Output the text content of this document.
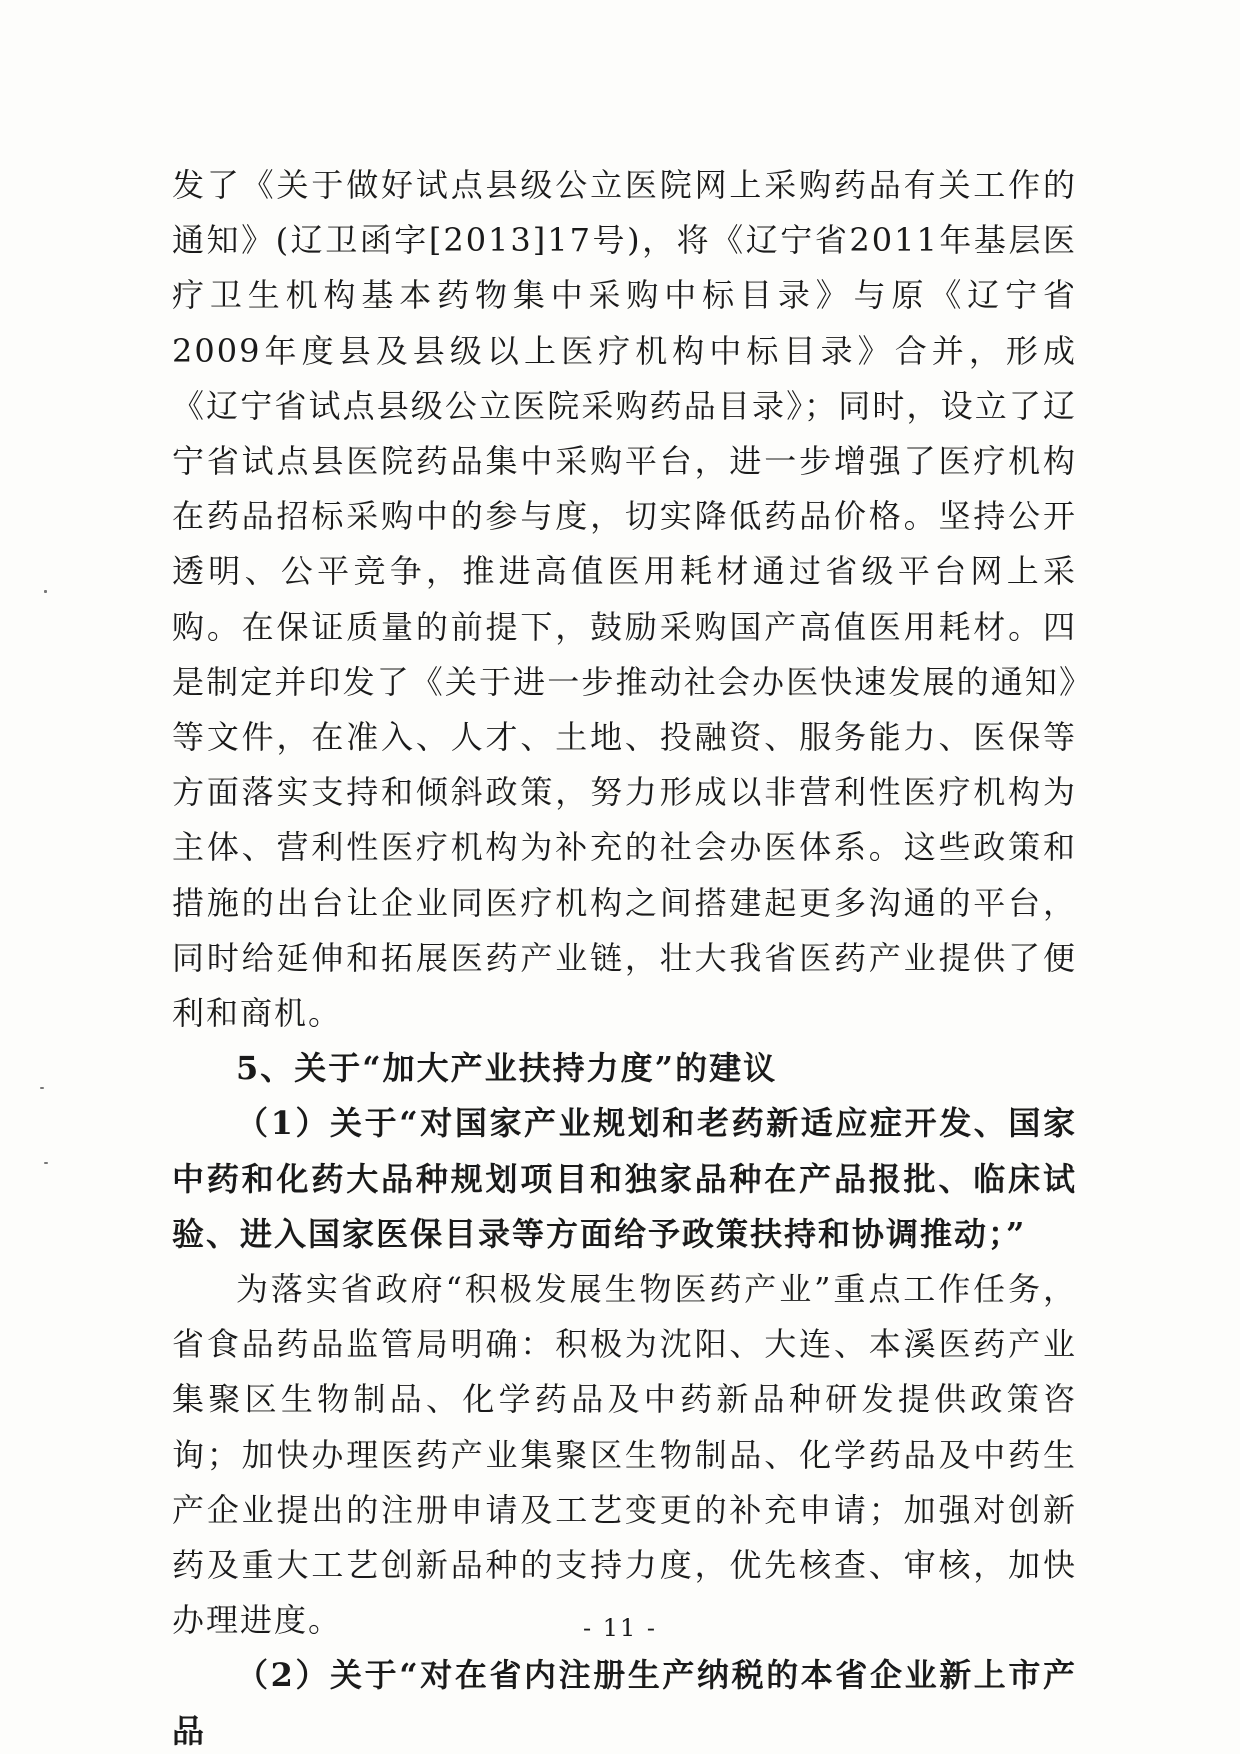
发了《关于做好试点县级公立医院网上采购药品有关工作的通知》(辽卫函字[2013]17号)，将《辽宁省2011年基层医疗卫生机构基本药物集中采购中标目录》与原《辽宁省2009年度县及县级以上医疗机构中标目录》合并，形成《辽宁省试点县级公立医院采购药品目录》；同时，设立了辽宁省试点县医院药品集中采购平台，进一步增强了医疗机构在药品招标采购中的参与度，切实降低药品价格。坚持公开透明、公平竞争，推进高值医用耗材通过省级平台网上采购。在保证质量的前提下，鼓励采购国产高值医用耗材。四是制定并印发了《关于进一步推动社会办医快速发展的通知》等文件，在准入、人才、土地、投融资、服务能力、医保等方面落实支持和倾斜政策，努力形成以非营利性医疗机构为主体、营利性医疗机构为补充的社会办医体系。这些政策和措施的出台让企业同医疗机构之间搭建起更多沟通的平台，同时给延伸和拓展医药产业链，壮大我省医药产业提供了便利和商机。

5、关于“加大产业扶持力度”的建议

（1）关于“对国家产业规划和老药新适应症开发、国家中药和化药大品种规划项目和独家品种在产品报批、临床试验、进入国家医保目录等方面给予政策扶持和协调推动；”

为落实省政府“积极发展生物医药产业”重点工作任务，省食品药品监管局明确：积极为沈阳、大连、本溪医药产业集聚区生物制品、化学药品及中药新品种研发提供政策咨询；加快办理医药产业集聚区生物制品、化学药品及中药生产企业提出的注册申请及工艺变更的补充申请；加强对创新药及重大工艺创新品种的支持力度，优先核查、审核，加快办理进度。

（2）关于“对在省内注册生产纳税的本省企业新上市产品

- 11 -
